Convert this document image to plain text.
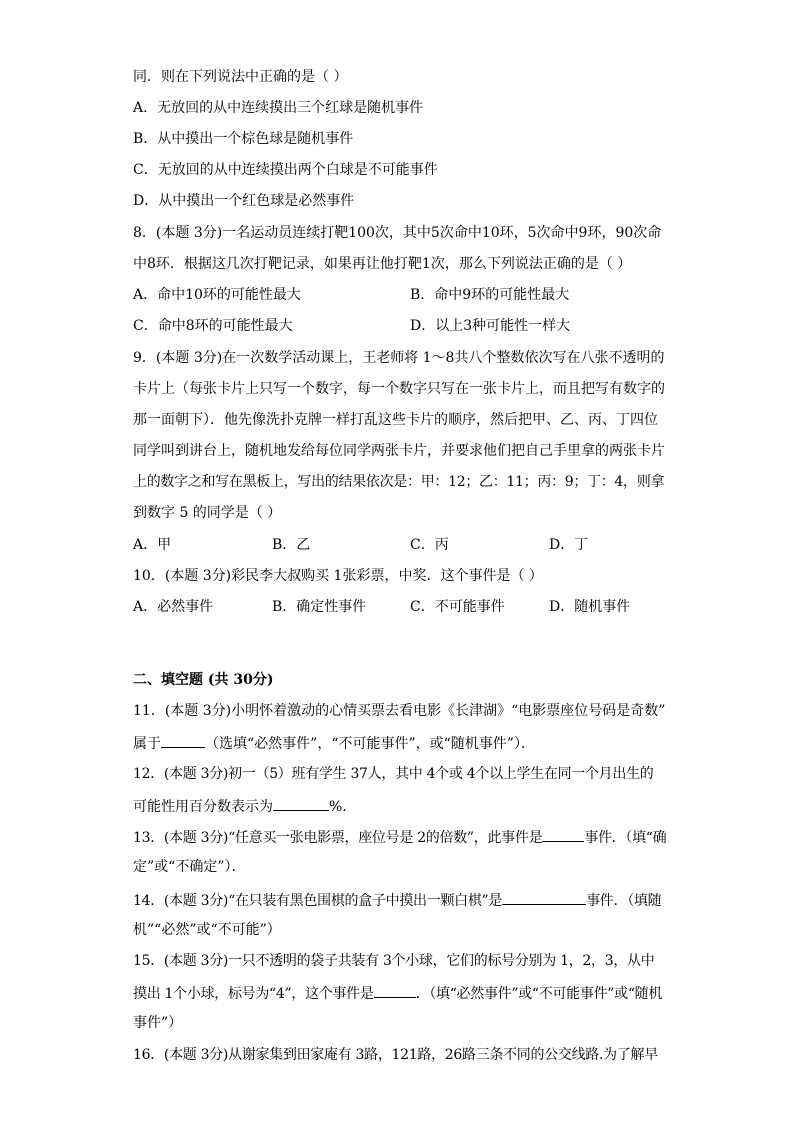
同．则在下列说法中正确的是（ ）
A．无放回的从中连续摸出三个红球是随机事件
B．从中摸出一个棕色球是随机事件
C．无放回的从中连续摸出两个白球是不可能事件
D．从中摸出一个红色球是必然事件
8．(本题 3分)一名运动员连续打靶100次，其中5次命中10环，5次命中9环，90次命
中8环．根据这几次打靶记录，如果再让他打靶1次，那么下列说法正确的是（ ）
A．命中10环的可能性最大	B．命中9环的可能性最大
C．命中8环的可能性最大	D．以上3种可能性一样大
9．(本题 3分)在一次数学活动课上，王老师将 1～8共八个整数依次写在八张不透明的
卡片上（每张卡片上只写一个数字，每一个数字只写在一张卡片上，而且把写有数字的
那一面朝下）．他先像洗扑克牌一样打乱这些卡片的顺序，然后把甲、乙、丙、丁四位
同学叫到讲台上，随机地发给每位同学两张卡片，并要求他们把自己手里拿的两张卡片
上的数字之和写在黑板上，写出的结果依次是：甲：12；乙：11；丙：9；丁：4，则拿
到数字 5 的同学是（ ）
A．甲	B．乙	C．丙	D．丁
10．(本题 3分)彩民李大叔购买 1张彩票，中奖．这个事件是（ ）
A．必然事件	B．确定性事件	C．不可能事件	D．随机事件
二、填空题 (共 30分)
11．(本题 3分)小明怀着激动的心情买票去看电影《长津湖》“电影票座位号码是奇数”
属于	（选填“必然事件”，“不可能事件”，或“随机事件”）．
12．(本题 3分)初一（5）班有学生 37人，其中 4个或 4个以上学生在同一个月出生的
可能性用百分数表示为	%．
13．(本题 3分)“任意买一张电影票，座位号是 2的倍数”，此事件是	事件．（填“确
定”或“不确定”）．
14．(本题 3分)“在只装有黑色围棋的盒子中摸出一颗白棋”是	事件．（填随
机”“必然”或“不可能”）
15．(本题 3分)一只不透明的袋子共装有 3个小球，它们的标号分别为 1，2，3，从中
摸出 1个小球，标号为“4”，这个事件是	．（填“必然事件”或“不可能事件”或“随机
事件”）
16．(本题 3分)从谢家集到田家庵有 3路，121路，26路三条不同的公交线路.为了解早
